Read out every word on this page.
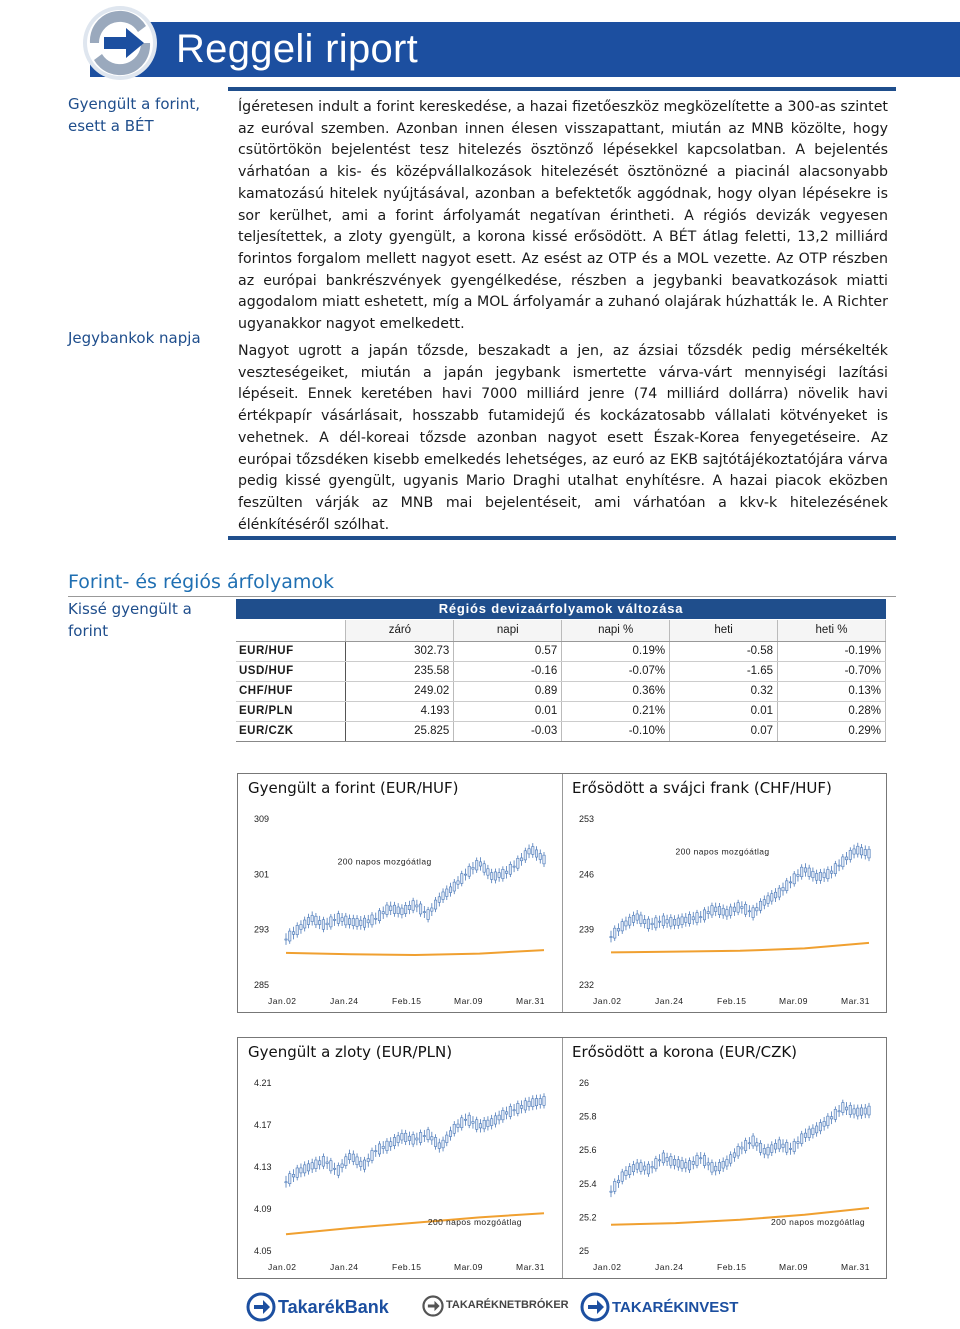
Reggeli riport
Gyengült a forint, esett a BÉT
Jegybankok napja
Kissé gyengült a forint

Ígéretesen indult a forint kereskedése, a hazai fizetőeszköz megközelítette a 300-as szintet az euróval szemben. Azonban innen élesen visszapattant, miután az MNB közölte, hogy csütörtökön bejelentést tesz hitelezés ösztönző lépésekkel kapcsolatban. A bejelentés várhatóan a kis- és középvállalkozások hitelezését ösztönözné a piacinál alacsonyabb kamatozású hitelek nyújtásával, azonban a befektetők aggódnak, hogy olyan lépésekre is sor kerülhet, ami a forint árfolyamát negatívan érintheti. A régiós devizák vegyesen teljesítettek, a zloty gyengült, a korona kissé erősödött. A BÉT átlag feletti, 13,2 milliárd forintos forgalom mellett nagyot esett. Az esést az OTP és a MOL vezette. Az OTP részben az európai bankrészvények gyengélkedése, részben a jegybanki beavatkozások miatti aggodalom miatt eshetett, míg a MOL árfolyamár a zuhanó olajárak húzhatták le. A Richter ugyanakkor nagyot emelkedett.

Nagyot ugrott a japán tőzsde, beszakadt a jen, az ázsiai tőzsdék pedig mérsékelték veszteségeiket, miután a japán jegybank ismertette várva-várt mennyiségi lazítási lépéseit. Ennek keretében havi 7000 milliárd jenre (74 milliárd dollárra) növelik havi értékpapír vásárlásait, hosszabb futamidejű és kockázatosabb vállalati kötvényeket is vehetnek. A dél-koreai tőzsde azonban nagyot esett Észak-Korea fenyegetéseire. Az európai tőzsdéken kisebb emelkedés lehetséges, az euró az EKB sajtótájékoztatójára várva pedig kissé gyengült, ugyanis Mario Draghi utalhat enyhítésre. A hazai piacok eközben feszülten várják az MNB mai bejelentéseit, ami várhatóan a kkv-k hitelezésének élénkítéséről szólhat.

Forint- és régiós árfolyamok
Régiós devizaárfolyamok változása
	záró	napi	napi %	heti	heti %
EUR/HUF	302.73	0.57	0.19%	-0.58	-0.19%
USD/HUF	235.58	-0.16	-0.07%	-1.65	-0.70%
CHF/HUF	249.02	0.89	0.36%	0.32	0.13%
EUR/PLN	4.193	0.01	0.21%	0.01	0.28%
EUR/CZK	25.825	-0.03	-0.10%	0.07	0.29%
Gyengült a forint (EUR/HUF)	Erősödött a svájci frank (CHF/HUF)
309
301
293
285
Jan.02	Jan.24	Feb.15	Mar.09	Mar.31
200 napos mozgóátlag
253
246
239
232
Jan.02	Jan.24	Feb.15	Mar.09	Mar.31
200 napos mozgóátlag
Gyengült a zloty (EUR/PLN)	Erősödött a korona (EUR/CZK)
4.21
4.17
4.13
4.09
4.05
Jan.02	Jan.24	Feb.15	Mar.09	Mar.31
200 napos mozgóátlag
26
25.8
25.6
25.4
25.2
25
Jan.02	Jan.24	Feb.15	Mar.09	Mar.31
200 napos mozgóátlag
TakarékBank	TAKARÉKNETBRÓKER	TAKARÉKINVEST
